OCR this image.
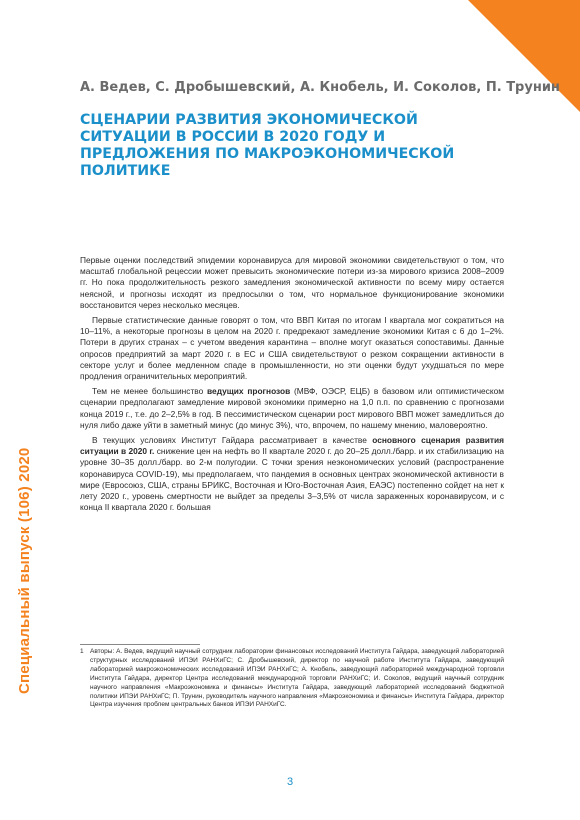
Специальный выпуск (106) 2020
А. Ведев, С. Дробышевский, А. Кнобель, И. Соколов, П. Трунин
СЦЕНАРИИ РАЗВИТИЯ ЭКОНОМИЧЕСКОЙ СИТУАЦИИ В РОССИИ В 2020 ГОДУ И ПРЕДЛОЖЕНИЯ ПО МАКРОЭКОНОМИЧЕСКОЙ ПОЛИТИКЕ

Первые оценки последствий эпидемии коронавируса для мировой экономики свидетельствуют о том, что масштаб глобальной рецессии может превысить экономические потери из-за мирового кризиса 2008–2009 гг. Но пока продолжительность резкого замедления экономической активности по всему миру остается неясной, и прогнозы исходят из предпосылки о том, что нормальное функционирование экономики восстановится через несколько месяцев.

Первые статистические данные говорят о том, что ВВП Китая по итогам I квартала мог сократиться на 10–11%, а некоторые прогнозы в целом на 2020 г. предрекают замедление экономики Китая с 6 до 1–2%. Потери в других странах – с учетом введения карантина – вполне могут оказаться сопоставимы. Данные опросов предприятий за март 2020 г. в ЕС и США свидетельствуют о резком сокращении активности в секторе услуг и более медленном спаде в промышленности, но эти оценки будут ухудшаться по мере продления ограничительных мероприятий.

Тем не менее большинство ведущих прогнозов (МВФ, ОЭСР, ЕЦБ) в базовом или оптимистическом сценарии предполагают замедление мировой экономики примерно на 1,0 п.п. по сравнению с прогнозами конца 2019 г., т.е. до 2–2,5% в год. В пессимистическом сценарии рост мирового ВВП может замедлиться до нуля либо даже уйти в заметный минус (до минус 3%), что, впрочем, по нашему мнению, маловероятно.

В текущих условиях Институт Гайдара рассматривает в качестве основного сценария развития ситуации в 2020 г. снижение цен на нефть во II квартале 2020 г. до 20–25 долл./барр. и их стабилизацию на уровне 30–35 долл./барр. во 2-м полугодии. С точки зрения неэкономических условий (распространение коронавируса COVID-19), мы предполагаем, что пандемия в основных центрах экономической активности в мире (Евросоюз, США, страны БРИКС, Восточная и Юго-Восточная Азия, ЕАЭС) постепенно сойдет на нет к лету 2020 г., уровень смертности не выйдет за пределы 3–3,5% от числа зараженных коронавирусом, и с конца II квартала 2020 г. большая

1 Авторы: А. Ведев, ведущий научный сотрудник лаборатории финансовых исследований Института Гайдара, заведующий лабораторией структурных исследований ИПЭИ РАНХиГС; С. Дробышевский, директор по научной работе Института Гайдара, заведующий лабораторией макроэкономических исследований ИПЭИ РАНХиГС; А. Кнобель, заведующий лабораторией международной торговли Института Гайдара, директор Центра исследований международной торговли РАНХиГС; И. Соколов, ведущий научный сотрудник научного направления «Макроэкономика и финансы» Института Гайдара, заведующий лабораторией исследований бюджетной политики ИПЭИ РАНХиГС; П. Трунин, руководитель научного направления «Макроэкономика и финансы» Института Гайдара, директор Центра изучения проблем центральных банков ИПЭИ РАНХиГС.
3
